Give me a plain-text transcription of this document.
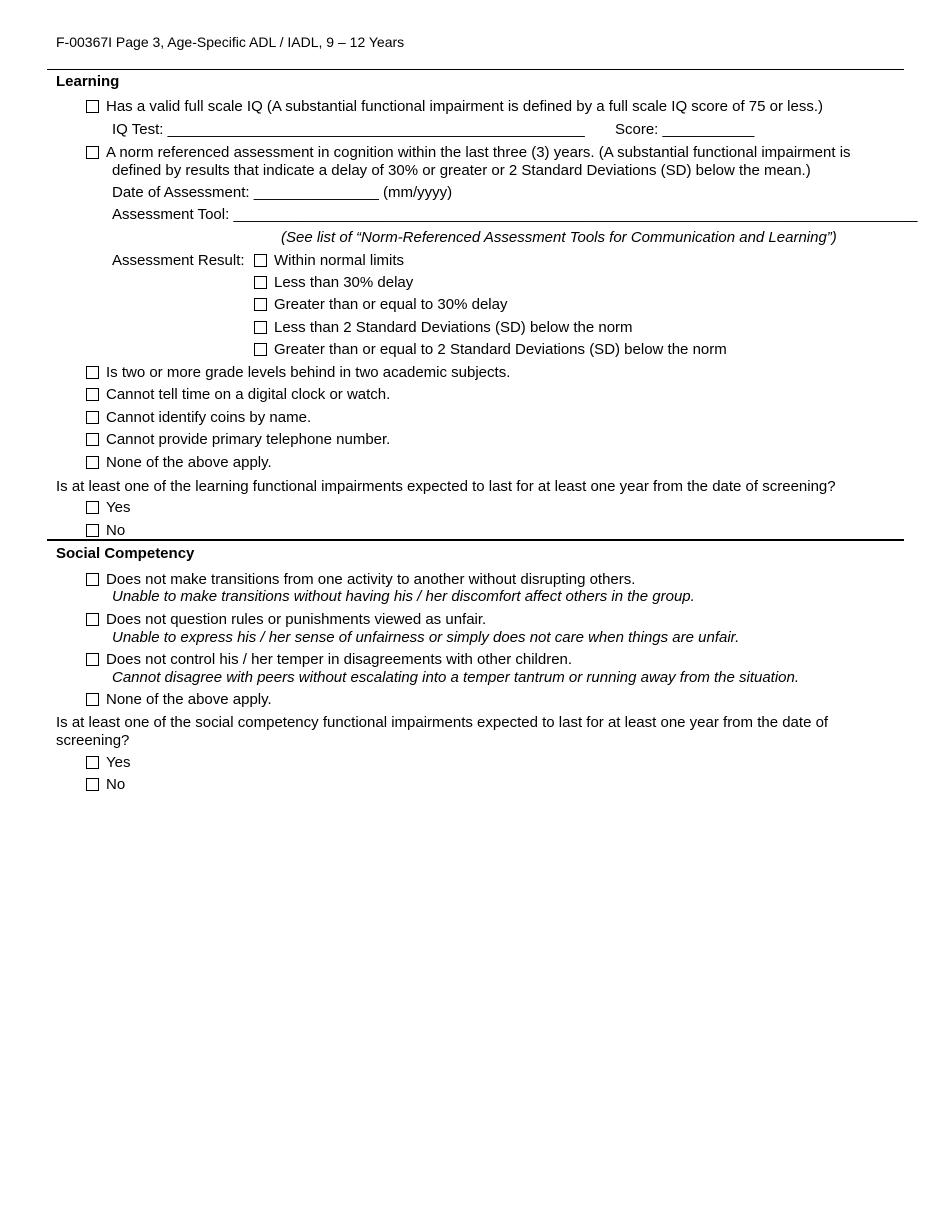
F-00367I Page 3, Age-Specific ADL / IADL, 9 – 12 Years
Learning
Has a valid full scale IQ (A substantial functional impairment is defined by a full scale IQ score of 75 or less.)
IQ Test: __________________________________________________ Score: ___________
A norm referenced assessment in cognition within the last three (3) years. (A substantial functional impairment is
defined by results that indicate a delay of 30% or greater or 2 Standard Deviations (SD) below the mean.)
Date of Assessment: _______________ (mm/yyyy)
Assessment Tool: __________________________________________________________________________________
(See list of “Norm-Referenced Assessment Tools for Communication and Learning”)
Assessment Result: Within normal limits
Less than 30% delay
Greater than or equal to 30% delay
Less than 2 Standard Deviations (SD) below the norm
Greater than or equal to 2 Standard Deviations (SD) below the norm
Is two or more grade levels behind in two academic subjects.
Cannot tell time on a digital clock or watch.
Cannot identify coins by name.
Cannot provide primary telephone number.
None of the above apply.
Is at least one of the learning functional impairments expected to last for at least one year from the date of screening?
Yes
No
Social Competency
Does not make transitions from one activity to another without disrupting others.
Unable to make transitions without having his / her discomfort affect others in the group.
Does not question rules or punishments viewed as unfair.
Unable to express his / her sense of unfairness or simply does not care when things are unfair.
Does not control his / her temper in disagreements with other children.
Cannot disagree with peers without escalating into a temper tantrum or running away from the situation.
None of the above apply.
Is at least one of the social competency functional impairments expected to last for at least one year from the date of
screening?
Yes
No
